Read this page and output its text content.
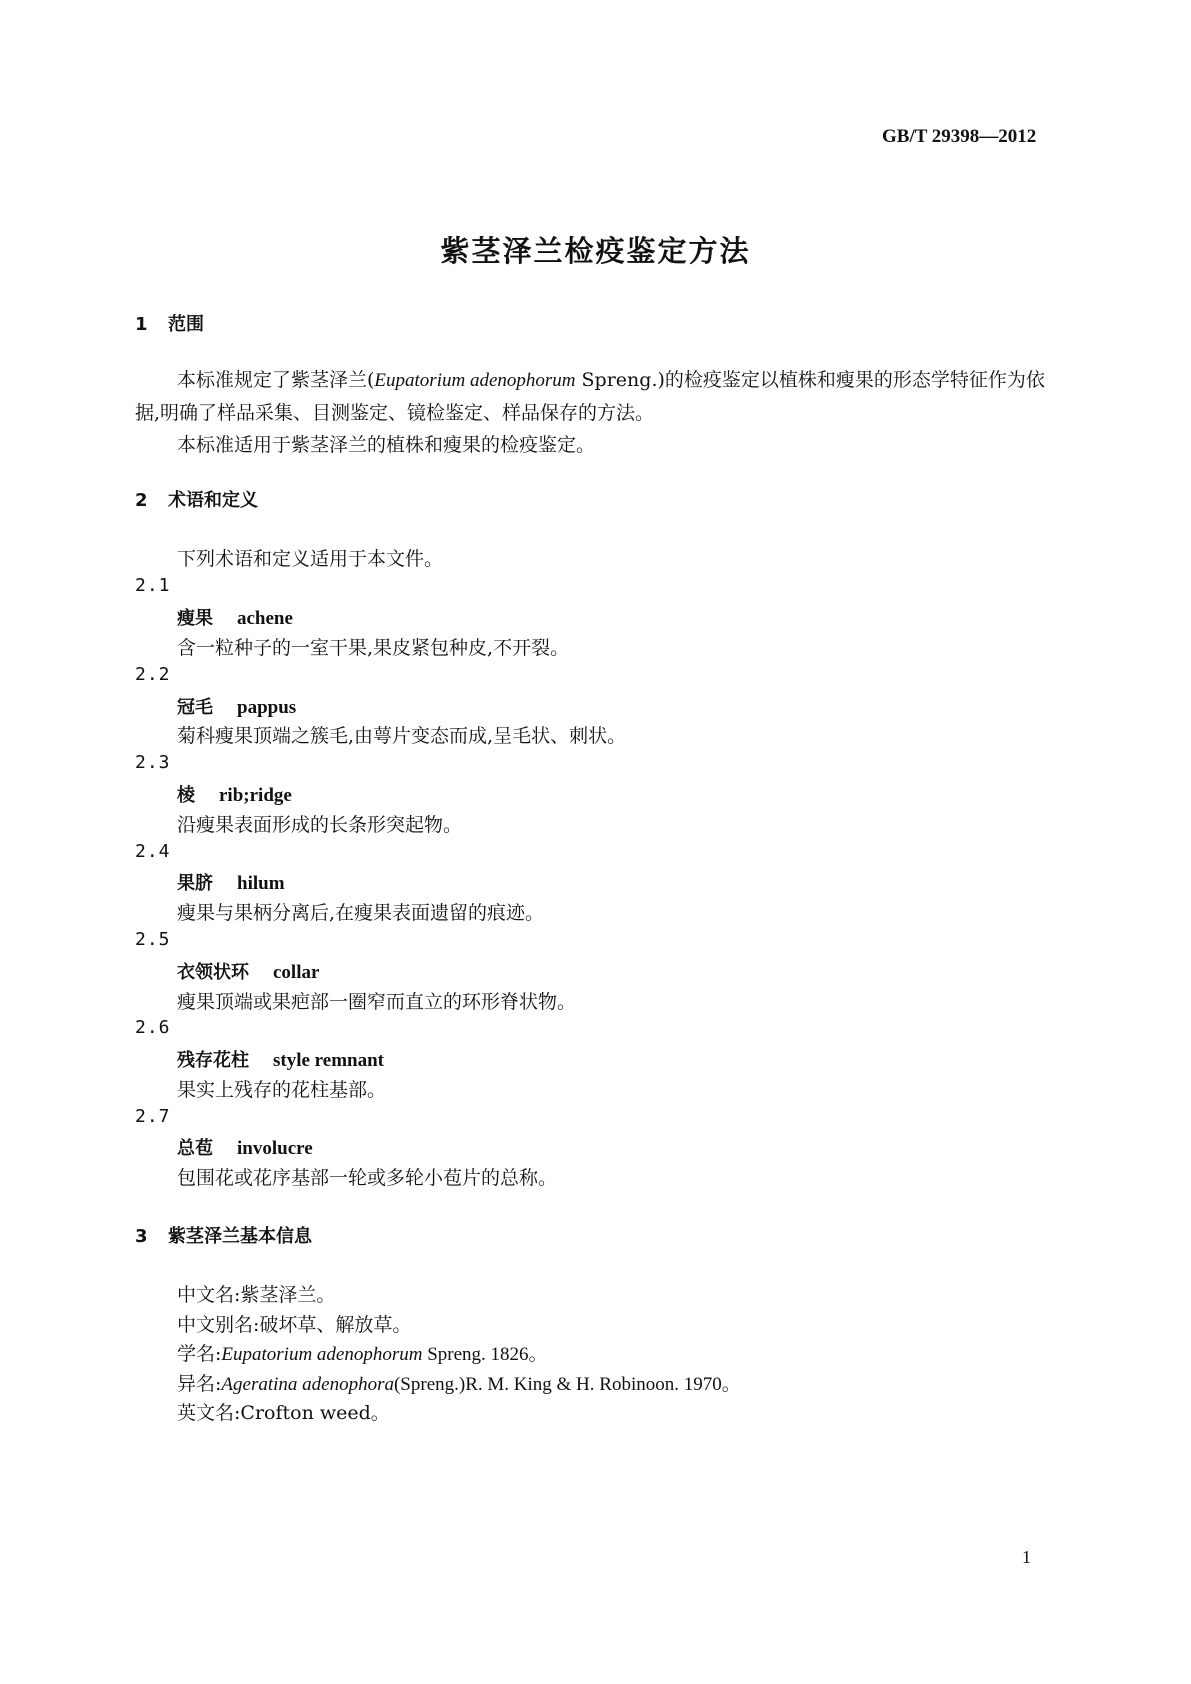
GB/T 29398—2012
紫茎泽兰检疫鉴定方法
1 范围
本标准规定了紫茎泽兰(Eupatorium adenophorum Spreng.)的检疫鉴定以植株和瘦果的形态学特征作为依据,明确了样品采集、目测鉴定、镜检鉴定、样品保存的方法。
本标准适用于紫茎泽兰的植株和瘦果的检疫鉴定。
2 术语和定义
下列术语和定义适用于本文件。
2.1
瘦果 achene
含一粒种子的一室干果,果皮紧包种皮,不开裂。
2.2
冠毛 pappus
菊科瘦果顶端之簇毛,由萼片变态而成,呈毛状、刺状。
2.3
棱 rib;ridge
沿瘦果表面形成的长条形突起物。
2.4
果脐 hilum
瘦果与果柄分离后,在瘦果表面遗留的痕迹。
2.5
衣领状环 collar
瘦果顶端或果疤部一圈窄而直立的环形脊状物。
2.6
残存花柱 style remnant
果实上残存的花柱基部。
2.7
总苞 involucre
包围花或花序基部一轮或多轮小苞片的总称。
3 紫茎泽兰基本信息
中文名:紫茎泽兰。
中文别名:破坏草、解放草。
学名:Eupatorium adenophorum Spreng. 1826。
异名:Ageratina adenophora(Spreng.)R. M. King & H. Robinoon. 1970。
英文名:Crofton weed。
1
